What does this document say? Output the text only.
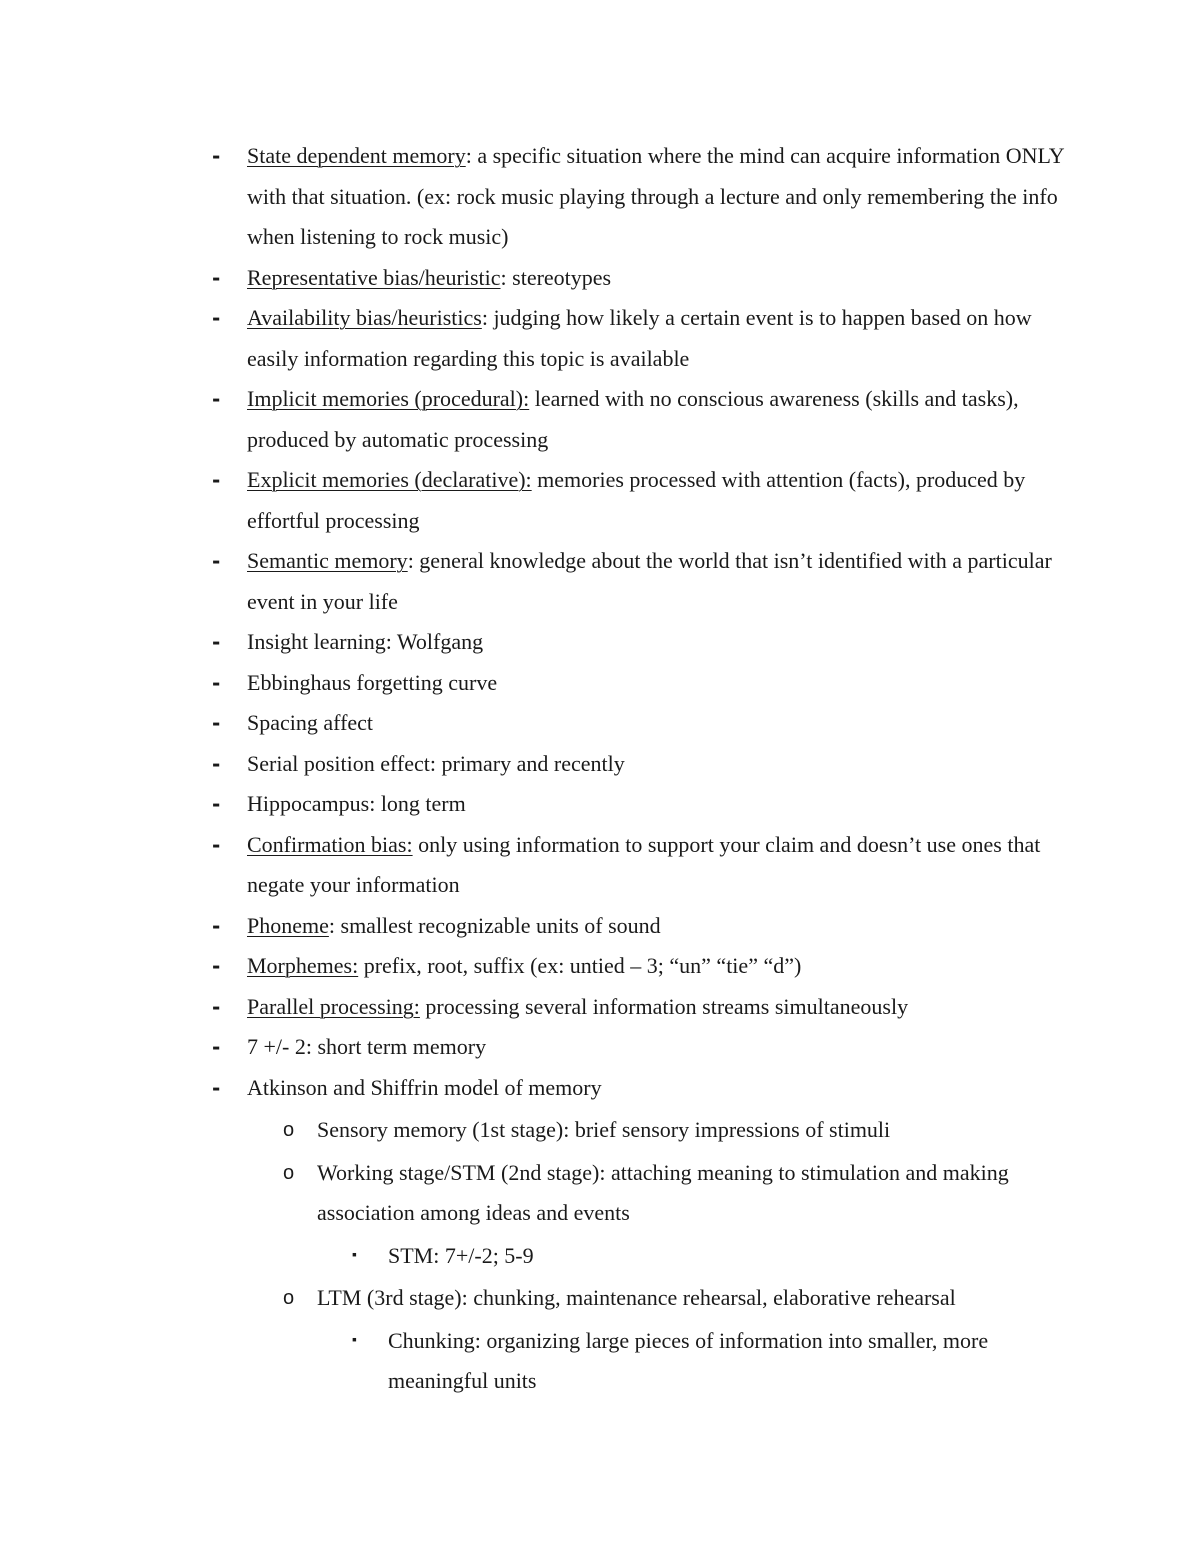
- State dependent memory: a specific situation where the mind can acquire information ONLY with that situation. (ex: rock music playing through a lecture and only remembering the info when listening to rock music)
- Representative bias/heuristic: stereotypes
- Availability bias/heuristics: judging how likely a certain event is to happen based on how easily information regarding this topic is available
- Implicit memories (procedural): learned with no conscious awareness (skills and tasks), produced by automatic processing
- Explicit memories (declarative): memories processed with attention (facts), produced by effortful processing
- Semantic memory: general knowledge about the world that isn’t identified with a particular event in your life
- Insight learning: Wolfgang
- Ebbinghaus forgetting curve
- Spacing affect
- Serial position effect: primary and recently
- Hippocampus: long term
- Confirmation bias: only using information to support your claim and doesn’t use ones that negate your information
- Phoneme: smallest recognizable units of sound
- Morphemes: prefix, root, suffix (ex: untied – 3; “un” “tie” “d”)
- Parallel processing: processing several information streams simultaneously
- 7 +/- 2: short term memory
- Atkinson and Shiffrin model of memory
o Sensory memory (1st stage): brief sensory impressions of stimuli
o Working stage/STM (2nd stage): attaching meaning to stimulation and making association among ideas and events
▪ STM: 7+/-2; 5-9
o LTM (3rd stage): chunking, maintenance rehearsal, elaborative rehearsal
▪ Chunking: organizing large pieces of information into smaller, more meaningful units
